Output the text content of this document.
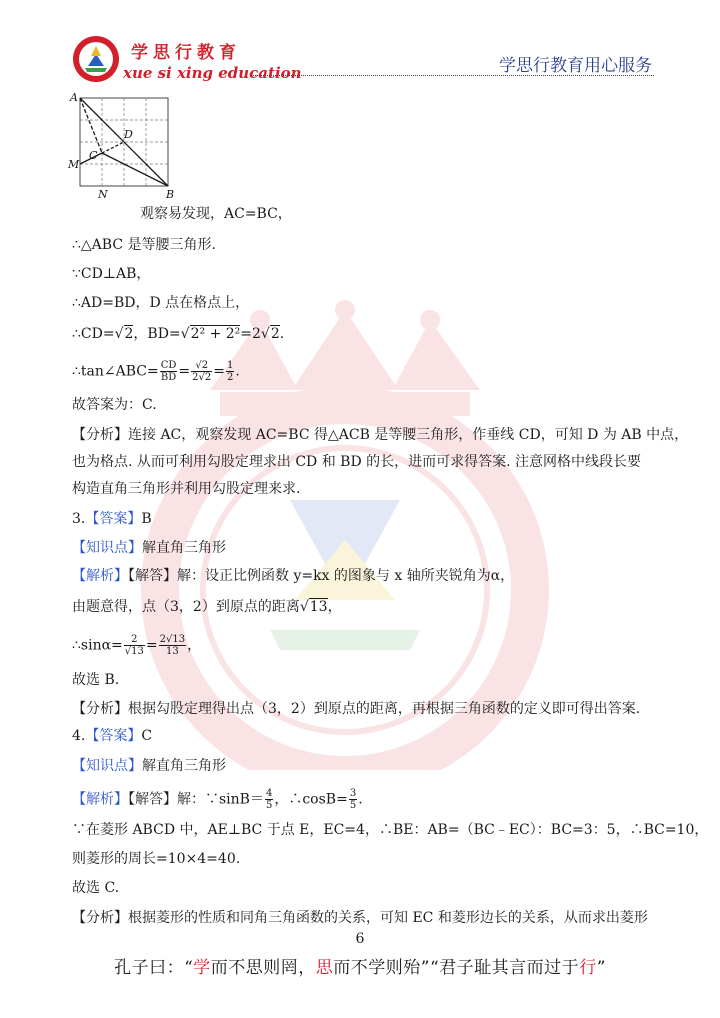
学思行教育
xue si xing education	学思行教育用心服务
A
D
C
M
N	B
观察易发现，AC=BC，
∴△ABC 是等腰三角形.
∵CD⊥AB，
∴AD=BD，D 点在格点上，
∴CD=√2，BD=√2² + 2²=2√2.
∴tan∠ABC= $\frac{CD}{BD} = \frac{√2}{2√2} = \frac{1}{2}$ .
故答案为：C.
【分析】连接 AC，观察发现 AC=BC 得△ACB 是等腰三角形，作垂线 CD，可知 D 为 AB 中点，
也为格点. 从而可利用勾股定理求出 CD 和 BD 的长，进而可求得答案. 注意网格中线段长要
构造直角三角形并利用勾股定理来求.
3.【答案】B
【知识点】解直角三角形
【解析】【解答】解：设正比例函数 y=kx 的图象与 x 轴所夹锐角为α，
由题意得，点（3，2）到原点的距离√13，
∴sinα= $\frac{2}{√13} = \frac{2√13}{13}$ ，
故选 B.
【分析】根据勾股定理得出点（3，2）到原点的距离，再根据三角函数的定义即可得出答案.
4.【答案】C
【知识点】解直角三角形
【解析】【解答】解：∵sinB＝ $\frac{4}{5}$ ，∴cosB= $\frac{3}{5}$ .
∵在菱形 ABCD 中，AE⊥BC 于点 E，EC=4，∴BE：AB=（BC﹣EC）：BC=3：5，∴BC=10，
则菱形的周长=10×4=40.
故选 C.
【分析】根据菱形的性质和同角三角函数的关系，可知 EC 和菱形边长的关系，从而求出菱形
6
孔子曰：“学而不思则罔，思而不学则殆”“君子耻其言而过于行”
